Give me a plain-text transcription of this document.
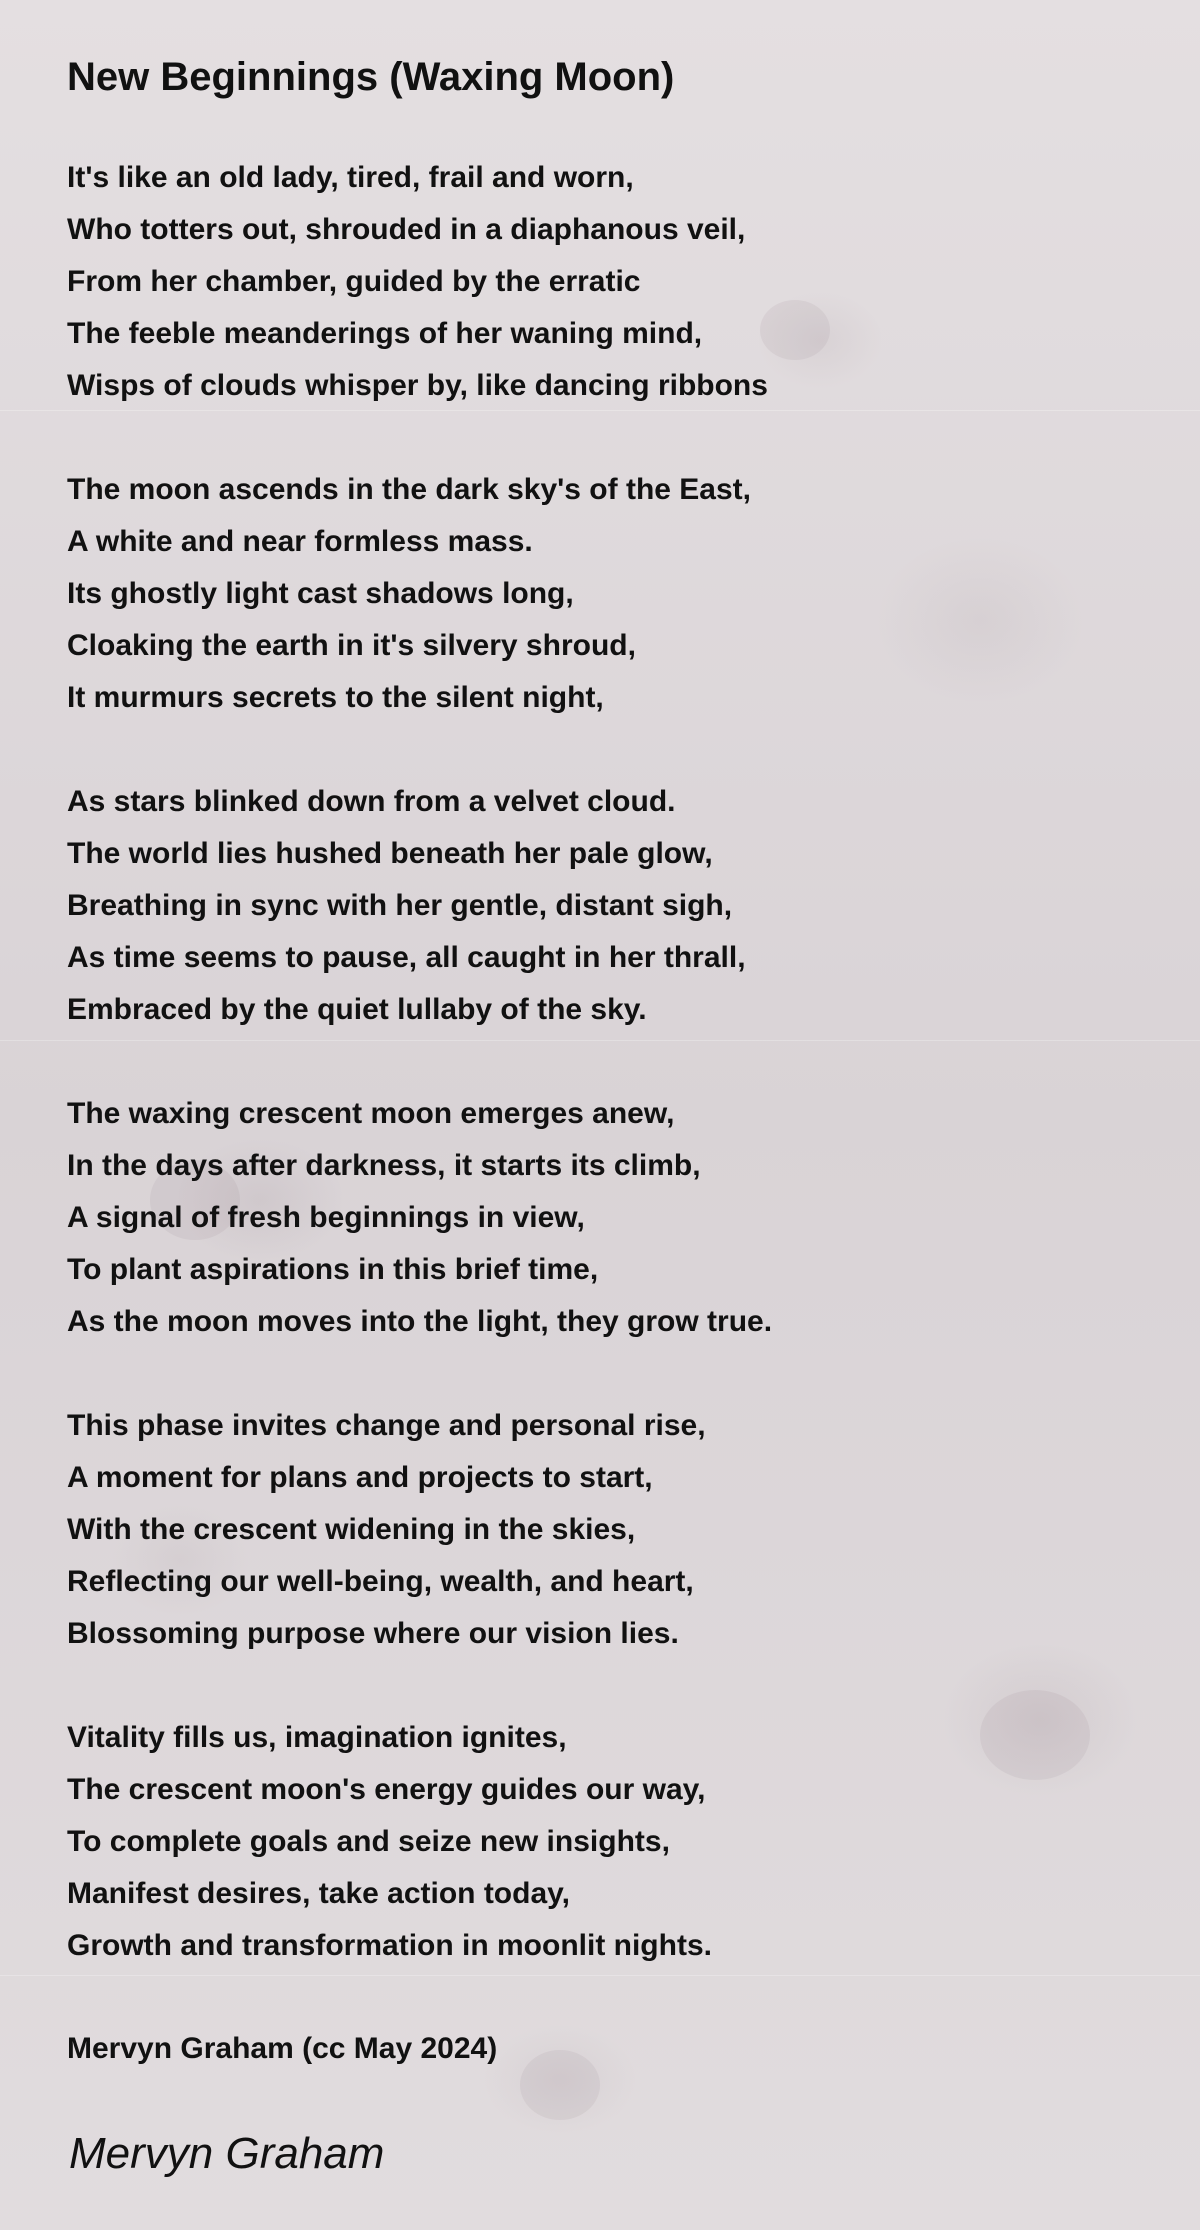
New Beginnings (Waxing Moon)
It's like an old lady, tired, frail and worn,
Who totters out, shrouded in a diaphanous veil,
From her chamber, guided by the erratic
The feeble meanderings of her waning mind,
Wisps of clouds whisper by, like dancing ribbons
The moon ascends in the dark sky's of the East,
A white and near formless mass.
Its ghostly light cast shadows long,
Cloaking the earth in it's silvery shroud,
It murmurs secrets to the silent night,
As stars blinked down from a velvet cloud.
The world lies hushed beneath her pale glow,
Breathing in sync with her gentle, distant sigh,
As time seems to pause, all caught in her thrall,
Embraced by the quiet lullaby of the sky.
The waxing crescent moon emerges anew,
In the days after darkness, it starts its climb,
A signal of fresh beginnings in view,
To plant aspirations in this brief time,
As the moon moves into the light, they grow true.
This phase invites change and personal rise,
A moment for plans and projects to start,
With the crescent widening in the skies,
Reflecting our well-being, wealth, and heart,
Blossoming purpose where our vision lies.
Vitality fills us, imagination ignites,
The crescent moon's energy guides our way,
To complete goals and seize new insights,
Manifest desires, take action today,
Growth and transformation in moonlit nights.
Mervyn Graham (cc May 2024)
Mervyn Graham
